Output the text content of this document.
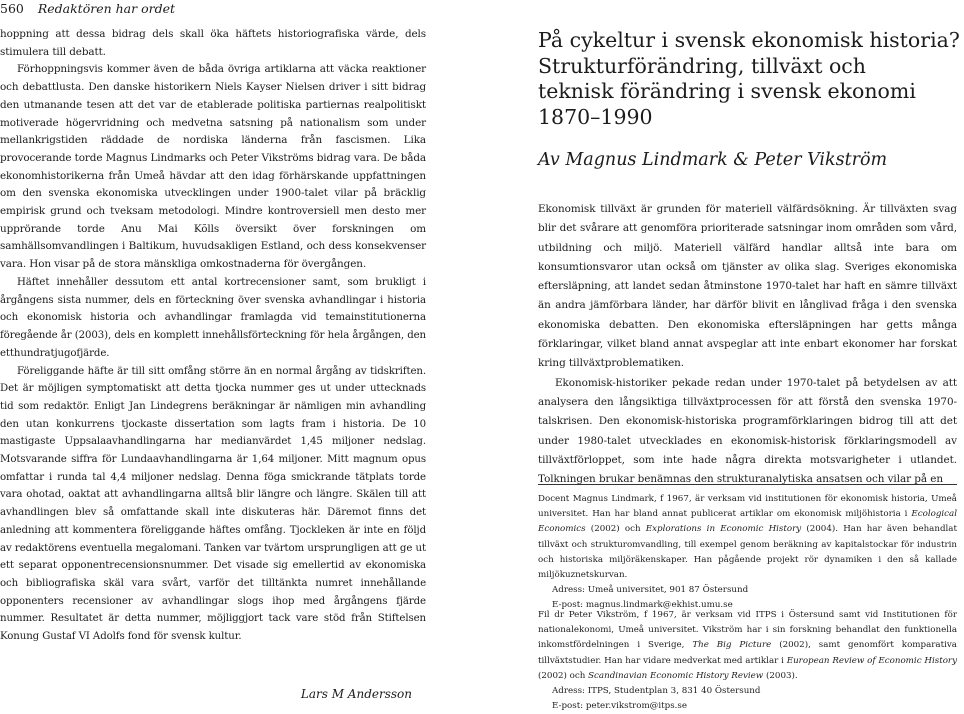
560 Redaktören har ordet

hoppning att dessa bidrag dels skall öka häftets historiografiska värde, dels stimulera till debatt.

Förhoppningsvis kommer även de båda övriga artiklarna att väcka reaktioner och debattlusta. Den danske historikern Niels Kayser Nielsen driver i sitt bidrag den utmanande tesen att det var de etablerade politiska partiernas realpolitiskt motiverade högervridning och medvetna satsning på nationalism som under mellankrigstiden räddade de nordiska länderna från fascismen. Lika provocerande torde Magnus Lindmarks och Peter Vikströms bidrag vara. De båda ekonomhistorikerna från Umeå hävdar att den idag förhärskande uppfattningen om den svenska ekonomiska utvecklingen under 1900-talet vilar på bräcklig empirisk grund och tveksam metodologi. Mindre kontroversiell men desto mer upprörande torde Anu Mai Kõlls översikt över forskningen om samhällsomvandlingen i Baltikum, huvudsakligen Estland, och dess konsekvenser vara. Hon visar på de stora mänskliga omkostnaderna för övergången.

Häftet innehåller dessutom ett antal kortrecensioner samt, som brukligt i årgångens sista nummer, dels en förteckning över svenska avhandlingar i historia och ekonomisk historia och avhandlingar framlagda vid temainstitutionerna föregående år (2003), dels en komplett innehållsförteckning för hela årgången, den etthundratjugofjärde.

Föreliggande häfte är till sitt omfång större än en normal årgång av tidskriften. Det är möjligen symptomatiskt att detta tjocka nummer ges ut under uttecknads tid som redaktör. Enligt Jan Lindegrens beräkningar är nämligen min avhandling den utan konkurrens tjockaste dissertation som lagts fram i historia. De 10 mastigaste Uppsalaavhandlingarna har medianvärdet 1,45 miljoner nedslag. Motsvarande siffra för Lundaavhandlingarna är 1,64 miljoner. Mitt magnum opus omfattar i runda tal 4,4 miljoner nedslag. Denna föga smickrande tätplats torde vara ohotad, oaktat att avhandlingarna alltså blir längre och längre. Skälen till att avhandlingen blev så omfattande skall inte diskuteras här. Däremot finns det anledning att kommentera föreliggande häftes omfång. Tjockleken är inte en följd av redaktörens eventuella megalomani. Tanken var tvärtom ursprungligen att ge ut ett separat opponentrecensionsnummer. Det visade sig emellertid av ekonomiska och bibliografiska skäl vara svårt, varför det tilltänkta numret innehållande opponenters recensioner av avhandlingar slogs ihop med årgångens fjärde nummer. Resultatet är detta nummer, möjliggjort tack vare stöd från Stiftelsen Konung Gustaf VI Adolfs fond för svensk kultur.

Lars M Andersson
På cykeltur i svensk ekonomisk historia?
Strukturförändring, tillväxt och
teknisk förändring i svensk ekonomi
1870–1990
Av Magnus Lindmark & Peter Vikström

Ekonomisk tillväxt är grunden för materiell välfärdsökning. Är tillväxten svag blir det svårare att genomföra prioriterade satsningar inom områden som vård, utbildning och miljö. Materiell välfärd handlar alltså inte bara om konsumtionsvaror utan också om tjänster av olika slag. Sveriges ekonomiska eftersläpning, att landet sedan åtminstone 1970-talet har haft en sämre tillväxt än andra jämförbara länder, har därför blivit en långlivad fråga i den svenska ekonomiska debatten. Den ekonomiska eftersläpningen har getts många förklaringar, vilket bland annat avspeglar att inte enbart ekonomer har forskat kring tillväxtproblematiken.

Ekonomisk-historiker pekade redan under 1970-talet på betydelsen av att analysera den långsiktiga tillväxtprocessen för att förstå den svenska 1970-talskrisen. Den ekonomisk-historiska programförklaringen bidrog till att det under 1980-talet utvecklades en ekonomisk-historisk förklaringsmodell av tillväxtförloppet, som inte hade några direkta motsvarigheter i utlandet. Tolkningen brukar benämnas den strukturanalytiska ansatsen och vilar på en

Docent Magnus Lindmark, f 1967, är verksam vid institutionen för ekonomisk historia, Umeå universitet. Han har bland annat publicerat artiklar om ekonomisk miljöhistoria i Ecological Economics (2002) och Explorations in Economic History (2004). Han har även behandlat tillväxt och strukturomvandling, till exempel genom beräkning av kapitalstockar för industrin och historiska miljöräkenskaper. Han pågående projekt rör dynamiken i den så kallade miljökuznetskurvan.

Adress: Umeå universitet, 901 87 Östersund

E-post: magnus.lindmark@ekhist.umu.se

Fil dr Peter Vikström, f 1967, är verksam vid ITPS i Östersund samt vid Institutionen för nationalekonomi, Umeå universitet. Vikström har i sin forskning behandlat den funktionella inkomstfördelningen i Sverige, The Big Picture (2002), samt genomfört komparativa tillväxtstudier. Han har vidare medverkat med artiklar i European Review of Economic History (2002) och Scandinavian Economic History Review (2003).

Adress: ITPS, Studentplan 3, 831 40 Östersund

E-post: peter.vikstrom@itps.se
